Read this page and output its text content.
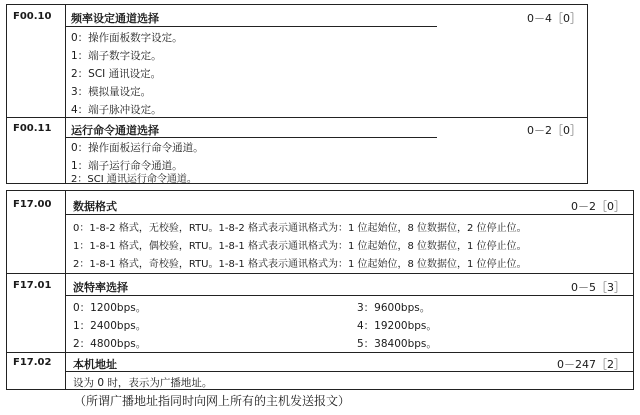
F00.10	频率设定通道选择	0－4［0］
0：操作面板数字设定。
1：端子数字设定。
2：SCI 通讯设定。
3：模拟量设定。
4：端子脉冲设定。
F00.11	运行命令通道选择	0－2［0］
0：操作面板运行命令通道。
1：端子运行命令通道。
2：SCI 通讯运行命令通道。
F17.00	数据格式	0－2［0］
0：1-8-2 格式，无校验，RTU。1-8-2 格式表示通讯格式为：1 位起始位，8 位数据位，2 位停止位。
1：1-8-1 格式，偶校验，RTU。1-8-1 格式表示通讯格式为：1 位起始位，8 位数据位，1 位停止位。
2：1-8-1 格式，奇校验，RTU。1-8-1 格式表示通讯格式为：1 位起始位，8 位数据位，1 位停止位。
F17.01	波特率选择	0－5［3］
0：1200bps。
1：2400bps。
2：4800bps。
3：9600bps。
4：19200bps。
5：38400bps。
F17.02	本机地址	0－247［2］
设为 0 时，表示为广播地址。
（所谓广播地址指同时向网上所有的主机发送报文）
